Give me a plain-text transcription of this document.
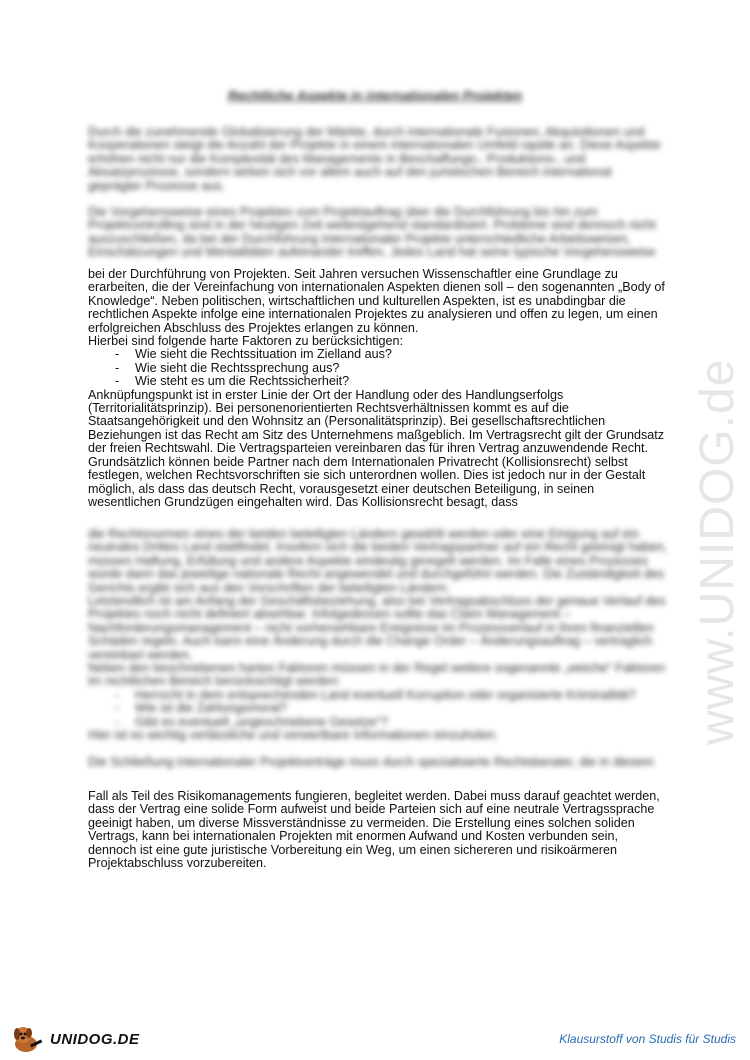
Rechtliche Aspekte in internationalen Projekten

Durch die zunehmende Globalisierung der Märkte, durch internationale Fusionen, Akquisitionen und Kooperationen steigt die Anzahl der Projekte in einem internationalen Umfeld rapide an. Diese Aspekte erhöhen nicht nur die Komplexität des Managements in Beschaffungs-, Produktions-, und Absatzprozesse, sondern wirken sich vor allem auch auf den juristischen Bereich international geprägter Prozesse aus.

Die Vorgehensweise eines Projektes vom Projektauftrag über die Durchführung bis hin zum Projektcontrolling sind in der heutigen Zeit weitestgehend standardisiert. Probleme sind dennoch nicht auszuschließen, da bei der Durchführung internationaler Projekte unterschiedliche Arbeitsweisen, Einschätzungen und Mentalitäten aufeinander treffen. Jedes Land hat seine typische Vorgehensweise

bei der Durchführung von Projekten. Seit Jahren versuchen Wissenschaftler eine Grundlage zu erarbeiten, die der Vereinfachung von internationalen Aspekten dienen soll – den sogenannten „Body of Knowledge“. Neben politischen, wirtschaftlichen und kulturellen Aspekten, ist es unabdingbar die rechtlichen Aspekte infolge eine internationalen Projektes zu analysieren und offen zu legen, um einen erfolgreichen Abschluss des Projektes erlangen zu können.

Hierbei sind folgende harte Faktoren zu berücksichtigen:

- Wie sieht die Rechtssituation im Zielland aus?
- Wie sieht die Rechtssprechung aus?
- Wie steht es um die Rechtssicherheit?

Anknüpfungspunkt ist in erster Linie der Ort der Handlung oder des Handlungserfolgs (Territorialitätsprinzip). Bei personenorientierten Rechtsverhältnissen kommt es auf die Staatsangehörigkeit und den Wohnsitz an (Personalitätsprinzip). Bei gesellschaftsrechtlichen Beziehungen ist das Recht am Sitz des Unternehmens maßgeblich. Im Vertragsrecht gilt der Grundsatz der freien Rechtswahl. Die Vertragsparteien vereinbaren das für ihren Vertrag anzuwendende Recht. Grundsätzlich können beide Partner nach dem Internationalen Privatrecht (Kollisionsrecht) selbst festlegen, welchen Rechtsvorschriften sie sich unterordnen wollen. Dies ist jedoch nur in der Gestalt möglich, als dass das deutsch Recht, vorausgesetzt einer deutschen Beteiligung, in seinen wesentlichen Grundzügen eingehalten wird. Das Kollisionsrecht besagt, dass

die Rechtsnormen eines der beiden beteiligten Ländern gewählt werden oder eine Einigung auf ein neutrales Drittes Land stattfindet. Insofern sich die beiden Vertragspartner auf ein Recht geeinigt haben, müssen Haftung, Erfüllung und andere Aspekte eindeutig geregelt werden. Im Falle eines Prozesses würde dann das jeweilige nationale Recht angewendet und durchgeführt werden. Die Zuständigkeit des Gerichts ergibt sich aus den Vorschriften der beteiligten Ländern.

Letztendlich ist am Anfang der Geschäftsbeziehung, also bei Vertragsabschluss der genaue Verlauf des Projektes noch nicht definiert absehbar. Infolgedessen sollte das Claim Management – Nachforderungsmanagement – nicht vorhersehbare Ereignisse im Prozessverlauf in ihren finanziellen Schäden regeln. Auch kann eine Änderung durch die Change Order – Änderungsauftrag – vertraglich vereinbart werden.

Neben den beschriebenen harten Faktoren müssen in der Regel weitere sogenannte „weiche“ Faktoren im rechtlichen Bereich berücksichtigt werden:

- Herrscht in dem entsprechenden Land eventuell Korruption oder organisierte Kriminalität?
- Wie ist die Zahlungsmoral?
- Gibt es eventuell „ungeschriebene Gesetze“?

Hier ist es wichtig verlässliche und verwertbare Informationen einzuholen.

Die Schließung internationaler Projektverträge muss durch spezialisierte Rechtsberater, die in diesem

Fall als Teil des Risikomanagements fungieren, begleitet werden. Dabei muss darauf geachtet werden, dass der Vertrag eine solide Form aufweist und beide Parteien sich auf eine neutrale Vertragssprache geeinigt haben, um diverse Missverständnisse zu vermeiden. Die Erstellung eines solchen soliden Vertrags, kann bei internationalen Projekten mit enormen Aufwand und Kosten verbunden sein, dennoch ist eine gute juristische Vorbereitung ein Weg, um einen sichereren und risikoärmeren Projektabschluss vorzubereiten.

www.UNIDOG.de
UNIDOG.DE	Klausurstoff von Studis für Studis
